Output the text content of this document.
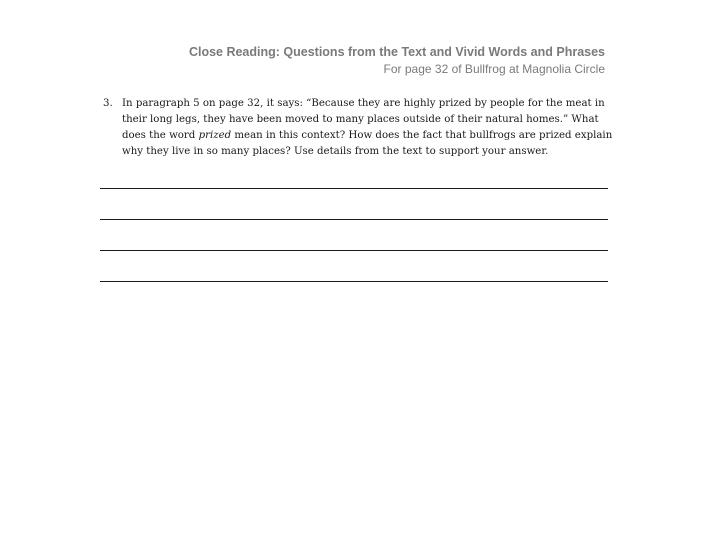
Close Reading: Questions from the Text and Vivid Words and Phrases
For page 32 of Bullfrog at Magnolia Circle
3. In paragraph 5 on page 32, it says: “Because they are highly prized by people for the meat in their long legs, they have been moved to many places outside of their natural homes.” What does the word prized mean in this context? How does the fact that bullfrogs are prized explain why they live in so many places? Use details from the text to support your answer.
